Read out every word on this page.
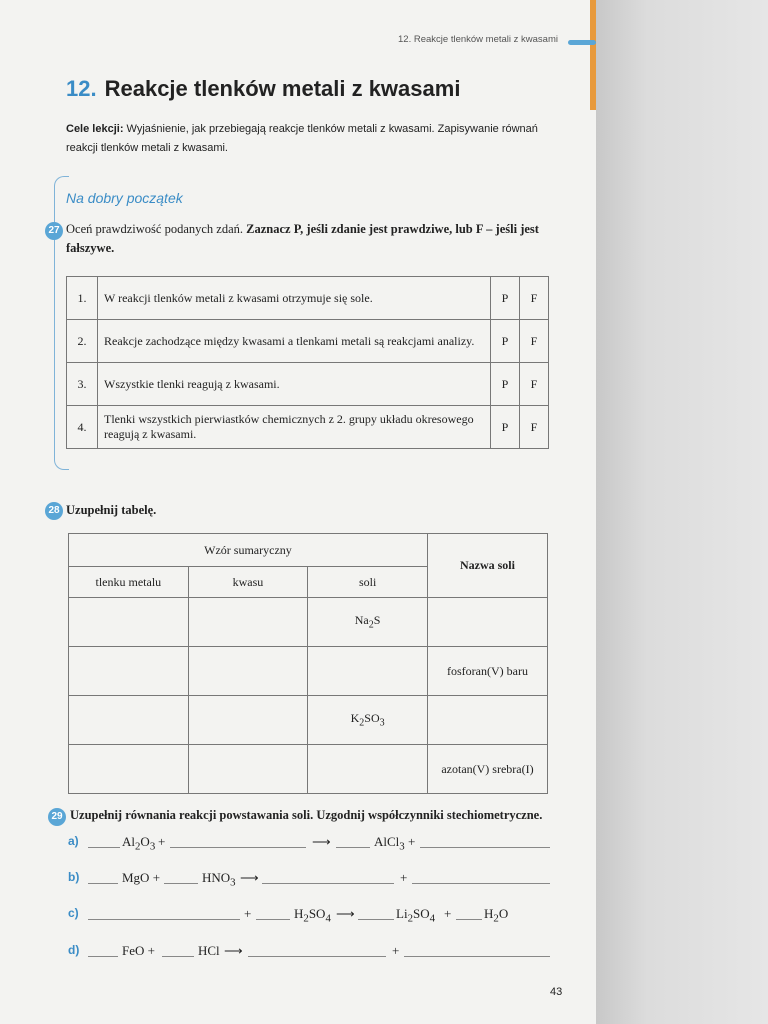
12. Reakcje tlenków metali z kwasami
12. Reakcje tlenków metali z kwasami
Cele lekcji: Wyjaśnienie, jak przebiegają reakcje tlenków metali z kwasami. Zapisywanie równań reakcji tlenków metali z kwasami.
Na dobry początek
27 Oceń prawdziwość podanych zdań. Zaznacz P, jeśli zdanie jest prawdziwe, lub F – jeśli jest fałszywe.
1.	W reakcji tlenków metali z kwasami otrzymuje się sole.	P	F
2.	Reakcje zachodzące między kwasami a tlenkami metali są reakcjami analizy.	P	F
3.	Wszystkie tlenki reagują z kwasami.	P	F
4.	Tlenki wszystkich pierwiastków chemicznych z 2. grupy układu okresowego reagują z kwasami.	P	F
28 Uzupełnij tabelę.
Wzór sumaryczny			Nazwa soli
tlenku metalu	kwasu	soli	
		$Na_2S$	
			fosforan(V) baru
		$K_2SO_3$	
			azotan(V) srebra(I)
29 Uzupełnij równania reakcji powstawania soli. Uzgodnij współczynniki stechiometryczne.
a)	$Al_2O_3$ +	⟶	AlCl$_3$ +
b)	MgO +	$HNO_3$ ⟶	+
c)	+	$H_2SO_4$ ⟶	$Li_2SO_4$ +	$H_2O$
d)	FeO +	HCl ⟶	+
43
